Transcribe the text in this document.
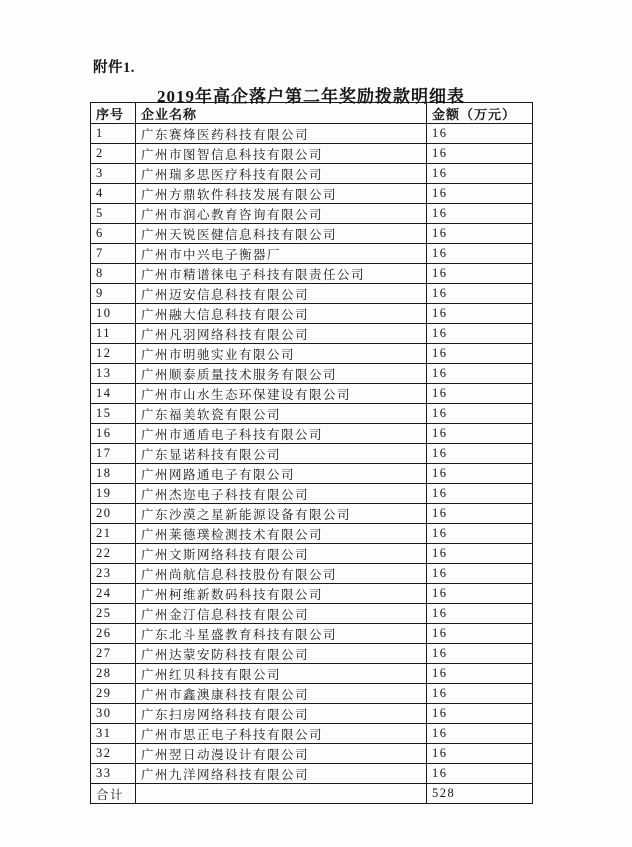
附件1.
2019年高企落户第二年奖励拨款明细表
序号	企业名称	金额（万元）
1	广东赛烽医药科技有限公司	16
2	广州市图智信息科技有限公司	16
3	广州瑞多思医疗科技有限公司	16
4	广州方鼎软件科技发展有限公司	16
5	广州市润心教育咨询有限公司	16
6	广州天锐医健信息科技有限公司	16
7	广州市中兴电子衡器厂	16
8	广州市精谱徕电子科技有限责任公司	16
9	广州迈安信息科技有限公司	16
10	广州融大信息科技有限公司	16
11	广州凡羽网络科技有限公司	16
12	广州市明驰实业有限公司	16
13	广州顺泰质量技术服务有限公司	16
14	广州市山水生态环保建设有限公司	16
15	广东福美软瓷有限公司	16
16	广州市通盾电子科技有限公司	16
17	广东显诺科技有限公司	16
18	广州网路通电子有限公司	16
19	广州杰迩电子科技有限公司	16
20	广东沙漠之星新能源设备有限公司	16
21	广州莱德璞检测技术有限公司	16
22	广州文斯网络科技有限公司	16
23	广州尚航信息科技股份有限公司	16
24	广州柯维新数码科技有限公司	16
25	广州金汀信息科技有限公司	16
26	广东北斗星盛教育科技有限公司	16
27	广州达蒙安防科技有限公司	16
28	广州红贝科技有限公司	16
29	广州市鑫澳康科技有限公司	16
30	广东扫房网络科技有限公司	16
31	广州市思正电子科技有限公司	16
32	广州翌日动漫设计有限公司	16
33	广州九洋网络科技有限公司	16
合计		528
